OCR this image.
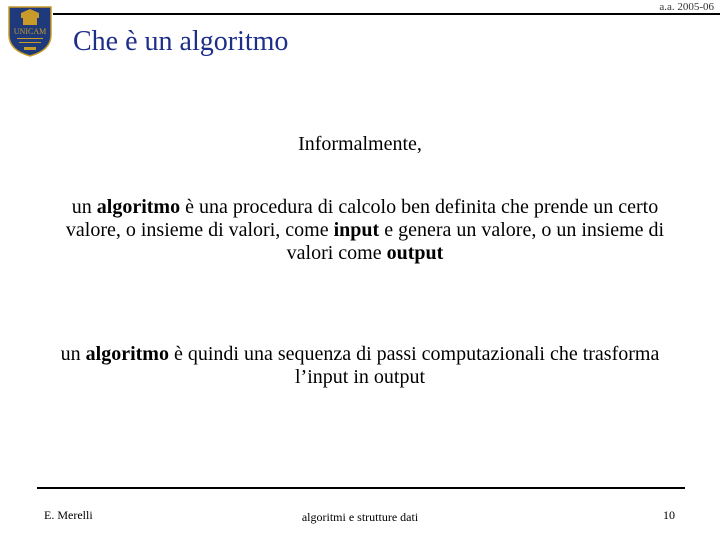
a.a. 2005-06
UNICAM Che è un algoritmo
Informalmente,
un algoritmo è una procedura di calcolo ben definita che prende un certo valore, o insieme di valori, come input e genera un valore, o un insieme di valori come output
un algoritmo è quindi una sequenza di passi computazionali che trasforma l’input in output
E. Merelli	algoritmi e strutture dati	10
